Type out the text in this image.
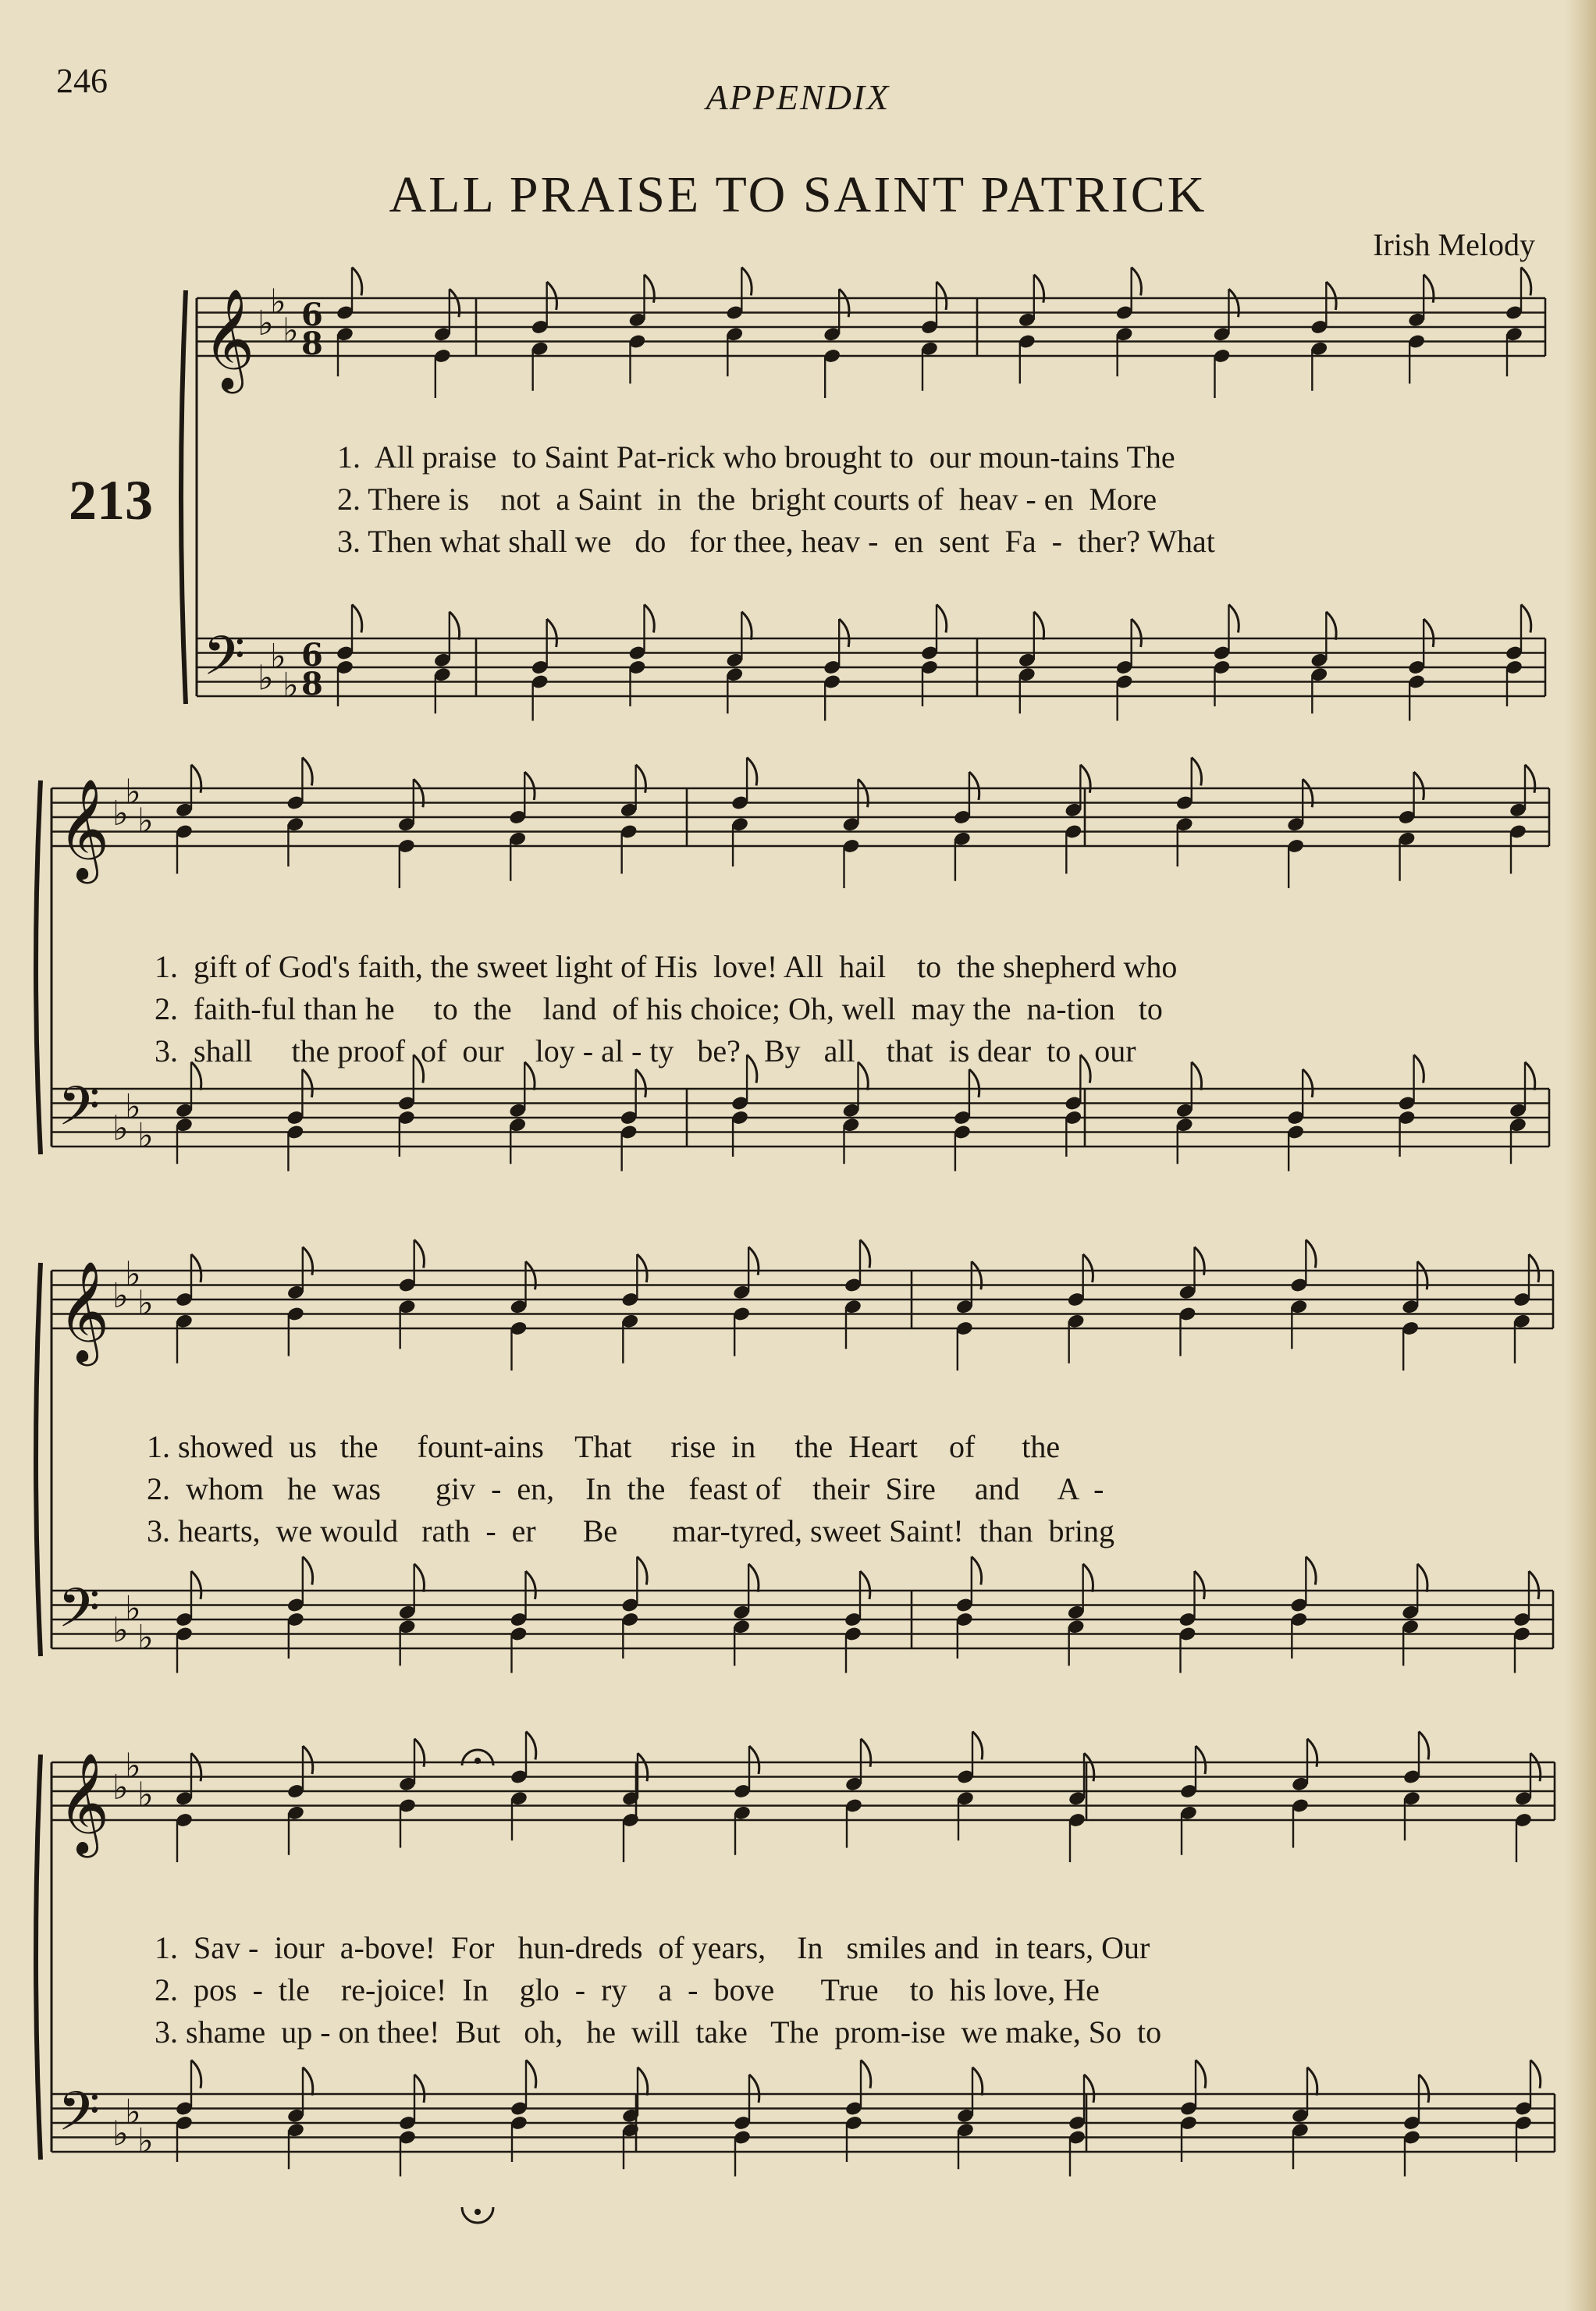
246	APPENDIX
ALL PRAISE TO SAINT PATRICK
Irish Melody
213
𝄞
𝄢
♭
♭
♭
♭
♭
♭
6
8
6
8
𝄞
𝄢
♭
♭
♭
♭
♭
♭
𝄞
𝄢
♭
♭
♭
♭
♭
♭
𝄞
𝄢
♭
♭
♭
♭
♭
♭
1.  All praise  to Saint Pat-rick who brought to  our moun-tains The
2. There is    not  a Saint  in  the  bright courts of  heav - en  More
3. Then what shall we   do   for thee, heav -  en  sent  Fa  -  ther? What
1.  gift of God's faith, the sweet light of His  love! All  hail    to  the shepherd who
2.  faith-ful than he     to  the    land  of his choice; Oh, well  may the  na-tion   to
3.  shall     the proof  of  our    loy - al - ty   be?   By   all    that  is dear  to   our
1. showed  us   the     fount-ains    That     rise  in     the  Heart    of      the
2.  whom   he  was       giv  -  en,    In  the   feast of    their  Sire     and     A  -
3. hearts,  we would   rath  -  er      Be       mar-tyred, sweet Saint!  than  bring
1.  Sav -  iour  a-bove!  For   hun-dreds  of years,    In   smiles and  in tears, Our
2.  pos  -  tle    re-joice!  In    glo  -  ry    a  -  bove      True    to  his love, He
3. shame  up - on thee!  But   oh,   he  will  take   The  prom-ise  we make, So  to
